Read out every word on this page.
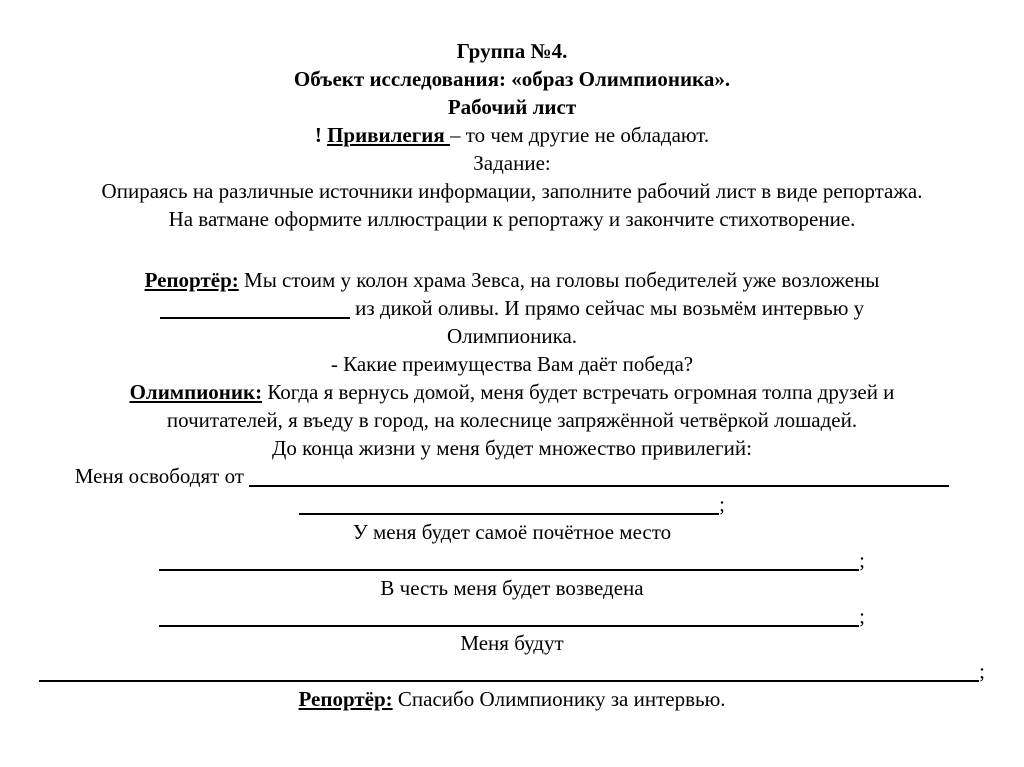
Группа №4.
Объект исследования: «образ Олимпионика».
Рабочий лист
! Привилегия – то чем другие не обладают.
Задание:
Опираясь на различные источники информации, заполните рабочий лист в виде репортажа.
На ватмане оформите иллюстрации к репортажу и закончите стихотворение.
Репортёр: Мы стоим у колон храма Зевса, на головы победителей уже возложены
из дикой оливы. И прямо сейчас мы возьмём интервью у
Олимпионика.
- Какие преимущества Вам даёт победа?
Олимпионик: Когда я вернусь домой, меня будет встречать огромная толпа друзей и
почитателей, я въеду в город, на колеснице запряжённой четвёркой лошадей.
До конца жизни у меня будет множество привилегий:
Меня освободят от
;
У меня будет самоё почётное место
;
В честь меня будет возведена
;
Меня будут
;
Репортёр: Спасибо Олимпионику за интервью.
